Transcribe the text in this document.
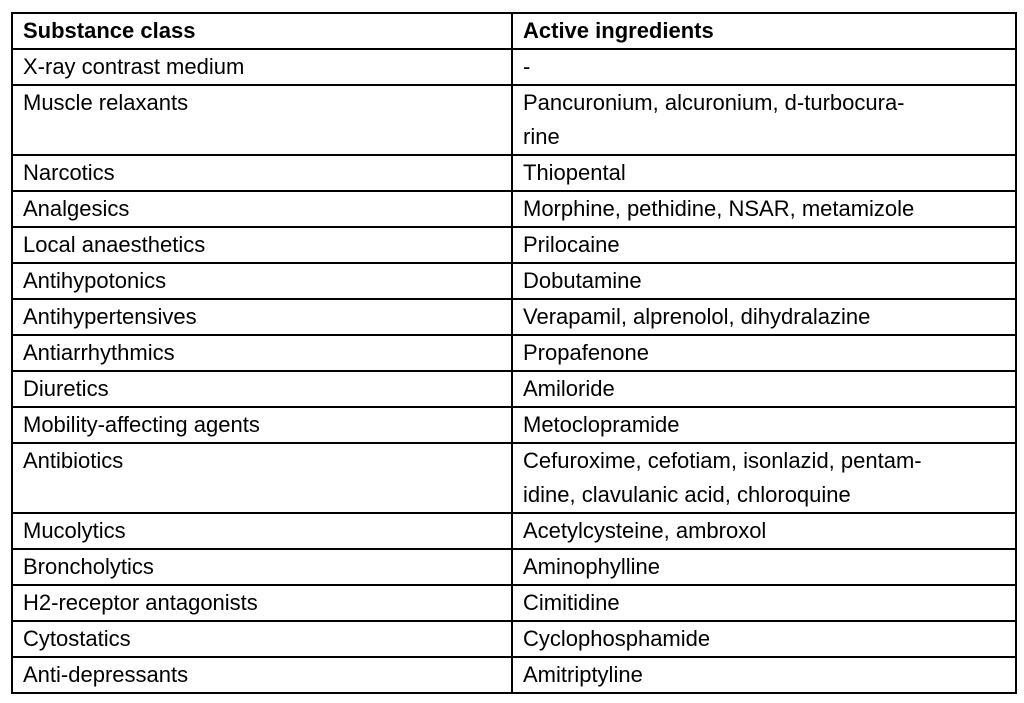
Substance class	Active ingredients
X-ray contrast medium	-

Muscle relaxants	Pancuronium, alcuronium, d-turbocura-
rine

Narcotics	Thiopental

Analgesics	Morphine, pethidine, NSAR, metamizole

Local anaesthetics	Prilocaine

Antihypotonics	Dobutamine

Antihypertensives	Verapamil, alprenolol, dihydralazine

Antiarrhythmics	Propafenone

Diuretics	Amiloride

Mobility-affecting agents	Metoclopramide

Antibiotics	Cefuroxime, cefotiam, isonlazid, pentam-
idine, clavulanic acid, chloroquine

Mucolytics	Acetylcysteine, ambroxol

Broncholytics	Aminophylline

H2-receptor antagonists	Cimitidine

Cytostatics	Cyclophosphamide

Anti-depressants	Amitriptyline
